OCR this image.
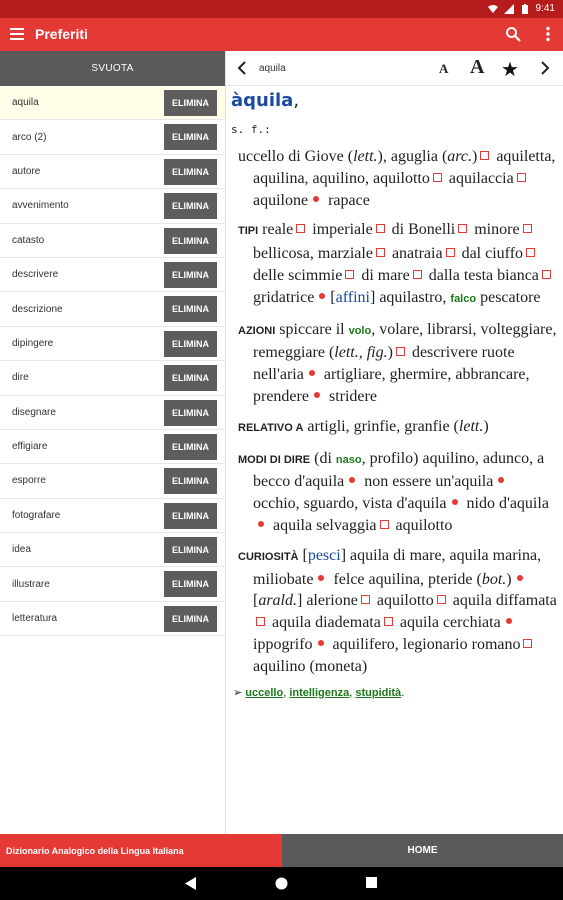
9:41
Preferiti
SVUOTA
aquila	ELIMINA
arco (2)	ELIMINA
autore	ELIMINA
avvenimento	ELIMINA
catasto	ELIMINA
descrivere	ELIMINA
descrizione	ELIMINA
dipingere	ELIMINA
dire	ELIMINA
disegnare	ELIMINA
effigiare	ELIMINA
esporre	ELIMINA
fotografare	ELIMINA
idea	ELIMINA
illustrare	ELIMINA
letteratura	ELIMINA
aquila	A A ★
àquila,
s. f.:
uccello di Giove (lett.), aguglia (arc.) aquiletta, aquilina, aquilino, aquilotto aquilaccia aquilone rapace
TIPI reale imperiale di Bonelli minore bellicosa, marziale anatraia dal ciuffo delle scimmie di mare dalla testa bianca gridatrice [affini] aquilastro, falco pescatore
AZIONI spiccare il volo, volare, librarsi, volteggiare, remeggiare (lett., fig.) descrivere ruote nell'aria artigliare, ghermire, abbrancare, prendere stridere
RELATIVO A artigli, grinfie, granfie (lett.)
MODI DI DIRE (di naso, profilo) aquilino, adunco, a becco d'aquila non essere un'aquila occhio, sguardo, vista d'aquila nido d'aquila aquila selvaggia aquilotto
CURIOSITÀ [pesci] aquila di mare, aquila marina, miliobate felce aquilina, pteride (bot.) [arald.] alerione aquilotto aquila diffamata aquila diademata aquila cerchiata ippogrifo aquilifero, legionario romano aquilino (moneta)
➢ uccello, intelligenza, stupidità.
Dizionario Analogico della Lingua Italiana	HOME
